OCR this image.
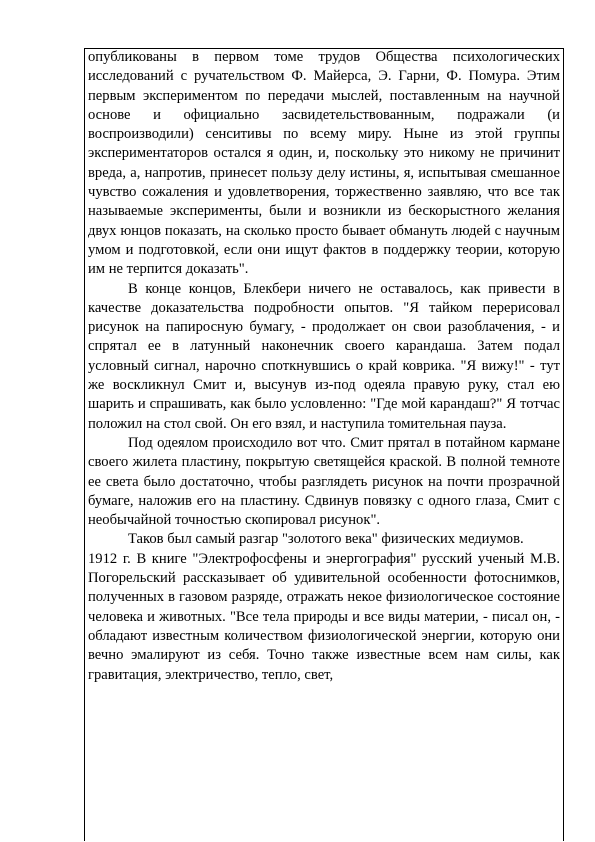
опубликованы в первом томе трудов Общества психологических исследований с ручательством Ф. Майерса, Э. Гарни, Ф. Помура. Этим первым экспериментом по передачи мыслей, поставленным на научной основе и официально засвидетельствованным, подражали (и воспроизводили) сенситивы по всему миру. Ныне из этой группы экспериментаторов остался я один, и, поскольку это никому не причинит вреда, а, напротив, принесет пользу делу истины, я, испытывая смешанное чувство сожаления и удовлетворения, торжественно заявляю, что все так называемые эксперименты, были и возникли из бескорыстного желания двух юнцов показать, на сколько просто бывает обмануть людей с научным умом и подготовкой, если они ищут фактов в поддержку теории, которую им не терпится доказать".

В конце концов, Блекбери ничего не оставалось, как привести в качестве доказательства подробности опытов. "Я тайком перерисовал рисунок на папиросную бумагу, - продолжает он свои разоблачения, - и спрятал ее в латунный наконечник своего карандаша. Затем подал условный сигнал, нарочно споткнувшись о край коврика. "Я вижу!" - тут же воскликнул Смит и, высунув из-под одеяла правую руку, стал ею шарить и спрашивать, как было условленно: "Где мой карандаш?" Я тотчас положил на стол свой. Он его взял, и наступила томительная пауза.

Под одеялом происходило вот что. Смит прятал в потайном кармане своего жилета пластину, покрытую светящейся краской. В полной темноте ее света было достаточно, чтобы разглядеть рисунок на почти прозрачной бумаге, наложив его на пластину. Сдвинув повязку с одного глаза, Смит с необычайной точностью скопировал рисунок".

Таков был самый разгар "золотого века" физических медиумов.

1912 г. В книге "Электрофосфены и энергография" русский ученый М.В. Погорельский рассказывает об удивительной особенности фотоснимков, полученных в газовом разряде, отражать некое физиологическое состояние человека и животных. "Все тела природы и все виды материи, - писал он, - обладают известным количеством физиологической энергии, которую они вечно эмалируют из себя. Точно также известные всем нам силы, как гравитация, электричество, тепло, свет,
